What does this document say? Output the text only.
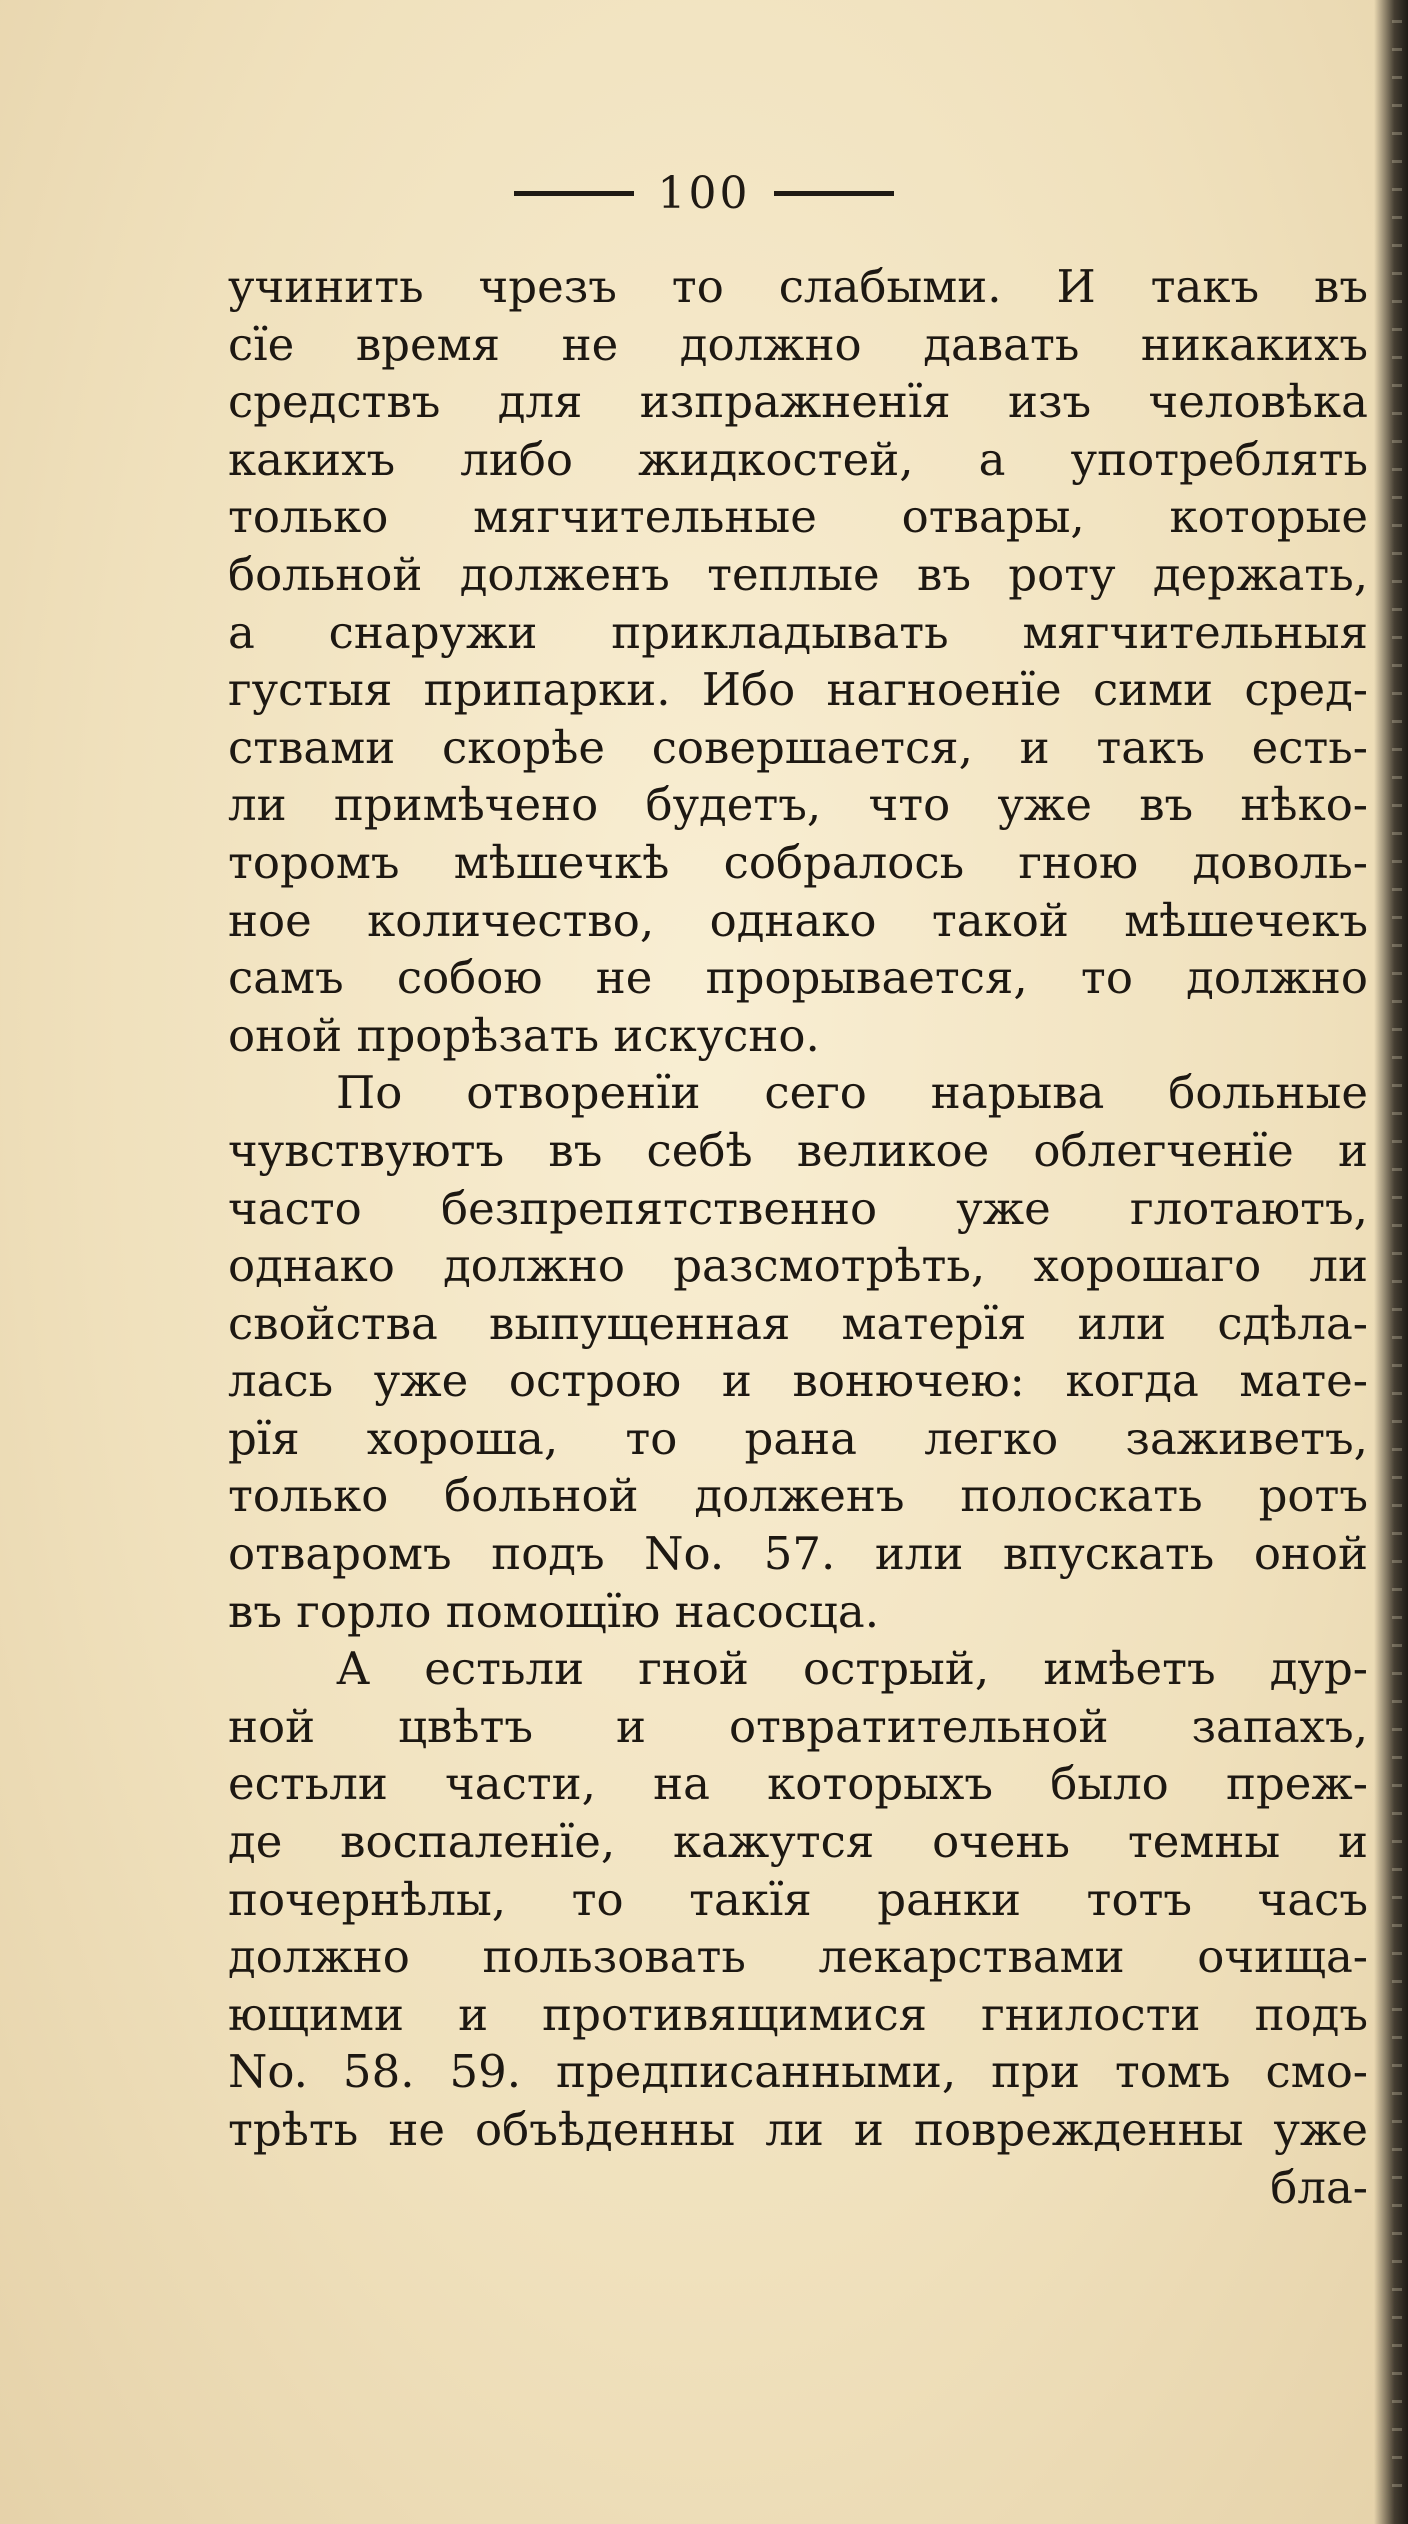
100
учинить чрезъ то слабыми. И такъ въ
сїе время не должно давать никакихъ
средствъ для изпражненїя изъ человѣка
какихъ либо жидкостей, а употреблять
только мягчительные отвары, которые
больной долженъ теплые въ роту держать,
а снаружи прикладывать мягчительныя
густыя припарки. Ибо нагноенїе сими сред-
ствами скорѣе совершается, и такъ есть-
ли примѣчено будетъ, что уже въ нѣко-
торомъ мѣшечкѣ собралось гною доволь-
ное количество, однако такой мѣшечекъ
самъ собою не прорывается, то должно
оной прорѣзать искусно.
По отворенїи сего нарыва больные
чувствуютъ въ себѣ великое облегченїе и
часто безпрепятственно уже глотаютъ,
однако должно разсмотрѣть, хорошаго ли
свойства выпущенная матерїя или сдѣла-
лась уже острою и вонючею: когда мате-
рїя хороша, то рана легко заживетъ,
только больной долженъ полоскать ротъ
отваромъ подъ No. 57. или впускать оной
въ горло помощїю насосца.
А естьли гной острый, имѣетъ дур-
ной цвѣтъ и отвратительной запахъ,
естьли части, на которыхъ было преж-
де воспаленїе, кажутся очень темны и
почернѣлы, то такїя ранки тотъ часъ
должно пользовать лекарствами очища-
ющими и противящимися гнилости подъ
No. 58. 59. предписанными, при томъ смо-
трѣть не объѣденны ли и поврежденны уже
бла-
